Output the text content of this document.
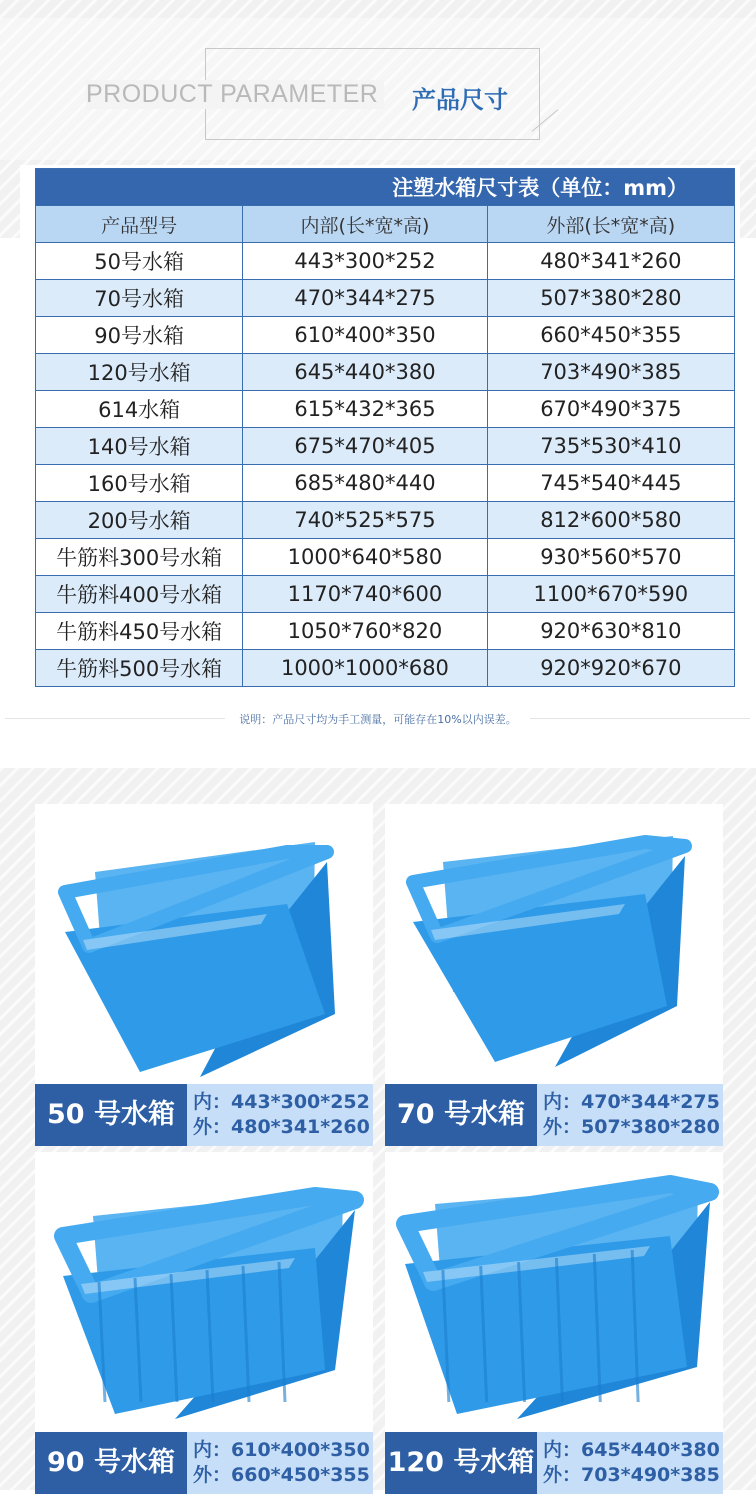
PRODUCT PARAMETER 产品尺寸
注塑水箱尺寸表（单位：mm）		
产品型号	内部(长*宽*高)	外部(长*宽*高)
50号水箱	443*300*252	480*341*260
70号水箱	470*344*275	507*380*280
90号水箱	610*400*350	660*450*355
120号水箱	645*440*380	703*490*385
614水箱	615*432*365	670*490*375
140号水箱	675*470*405	735*530*410
160号水箱	685*480*440	745*540*445
200号水箱	740*525*575	812*600*580
牛筋料300号水箱	1000*640*580	930*560*570
牛筋料400号水箱	1170*740*600	1100*670*590
牛筋料450号水箱	1050*760*820	920*630*810
牛筋料500号水箱	1000*1000*680	920*920*670
说明：产品尺寸均为手工测量，可能存在10%以内误差。
50 号水箱 内：443*300*252
外：480*341*260	70 号水箱 内：470*344*275
外：507*380*280
90 号水箱 内：610*400*350
外：660*450*355 120 号水箱 内：645*440*380
外：703*490*385
